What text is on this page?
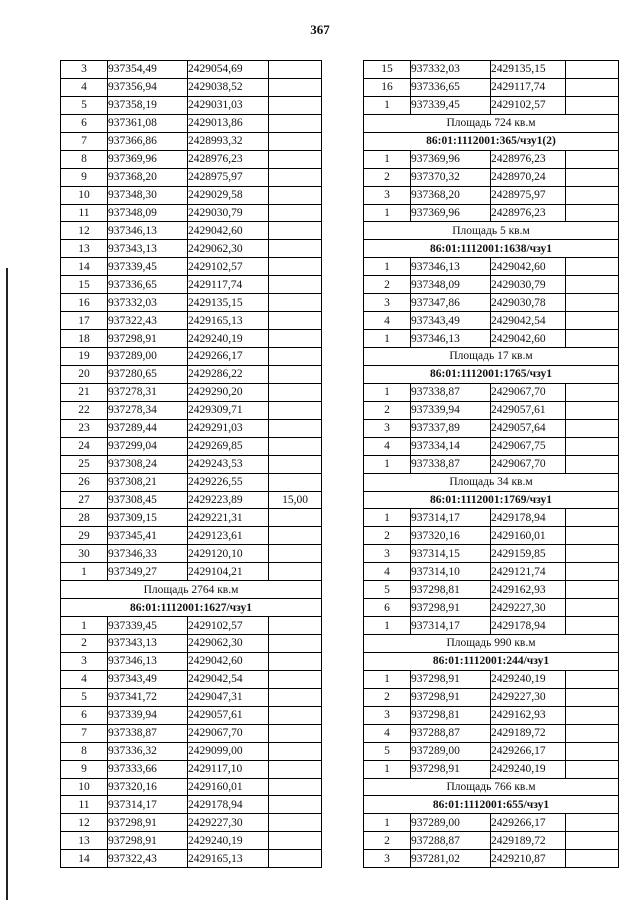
367
3	937354,49	2429054,69	
4	937356,94	2429038,52	
5	937358,19	2429031,03	
6	937361,08	2429013,86	
7	937366,86	2428993,32	
8	937369,96	2428976,23	
9	937368,20	2428975,97	
10	937348,30	2429029,58	
11	937348,09	2429030,79	
12	937346,13	2429042,60	
13	937343,13	2429062,30	
14	937339,45	2429102,57	
15	937336,65	2429117,74	
16	937332,03	2429135,15	
17	937322,43	2429165,13	
18	937298,91	2429240,19	
19	937289,00	2429266,17	
20	937280,65	2429286,22	
21	937278,31	2429290,20	
22	937278,34	2429309,71	
23	937289,44	2429291,03	
24	937299,04	2429269,85	
25	937308,24	2429243,53	
26	937308,21	2429226,55	
27	937308,45	2429223,89	15,00
28	937309,15	2429221,31	
29	937345,41	2429123,61	
30	937346,33	2429120,10	
1	937349,27	2429104,21	
Площадь 2764 кв.м			
86:01:1112001:1627/чзу1			
1	937339,45	2429102,57	
2	937343,13	2429062,30	
3	937346,13	2429042,60	
4	937343,49	2429042,54	
5	937341,72	2429047,31	
6	937339,94	2429057,61	
7	937338,87	2429067,70	
8	937336,32	2429099,00	
9	937333,66	2429117,10	
10	937320,16	2429160,01	
11	937314,17	2429178,94	
12	937298,91	2429227,30	
13	937298,91	2429240,19	
14	937322,43	2429165,13	
15	937332,03	2429135,15	
16	937336,65	2429117,74	
1	937339,45	2429102,57	
Площадь 724 кв.м			
86:01:1112001:365/чзу1(2)			
1	937369,96	2428976,23	
2	937370,32	2428970,24	
3	937368,20	2428975,97	
1	937369,96	2428976,23	
Площадь 5 кв.м			
86:01:1112001:1638/чзу1			
1	937346,13	2429042,60	
2	937348,09	2429030,79	
3	937347,86	2429030,78	
4	937343,49	2429042,54	
1	937346,13	2429042,60	
Площадь 17 кв.м			
86:01:1112001:1765/чзу1			
1	937338,87	2429067,70	
2	937339,94	2429057,61	
3	937337,89	2429057,64	
4	937334,14	2429067,75	
1	937338,87	2429067,70	
Площадь 34 кв.м			
86:01:1112001:1769/чзу1			
1	937314,17	2429178,94	
2	937320,16	2429160,01	
3	937314,15	2429159,85	
4	937314,10	2429121,74	
5	937298,81	2429162,93	
6	937298,91	2429227,30	
1	937314,17	2429178,94	
Площадь 990 кв.м			
86:01:1112001:244/чзу1			
1	937298,91	2429240,19	
2	937298,91	2429227,30	
3	937298,81	2429162,93	
4	937288,87	2429189,72	
5	937289,00	2429266,17	
1	937298,91	2429240,19	
Площадь 766 кв.м			
86:01:1112001:655/чзу1			
1	937289,00	2429266,17	
2	937288,87	2429189,72	
3	937281,02	2429210,87	
